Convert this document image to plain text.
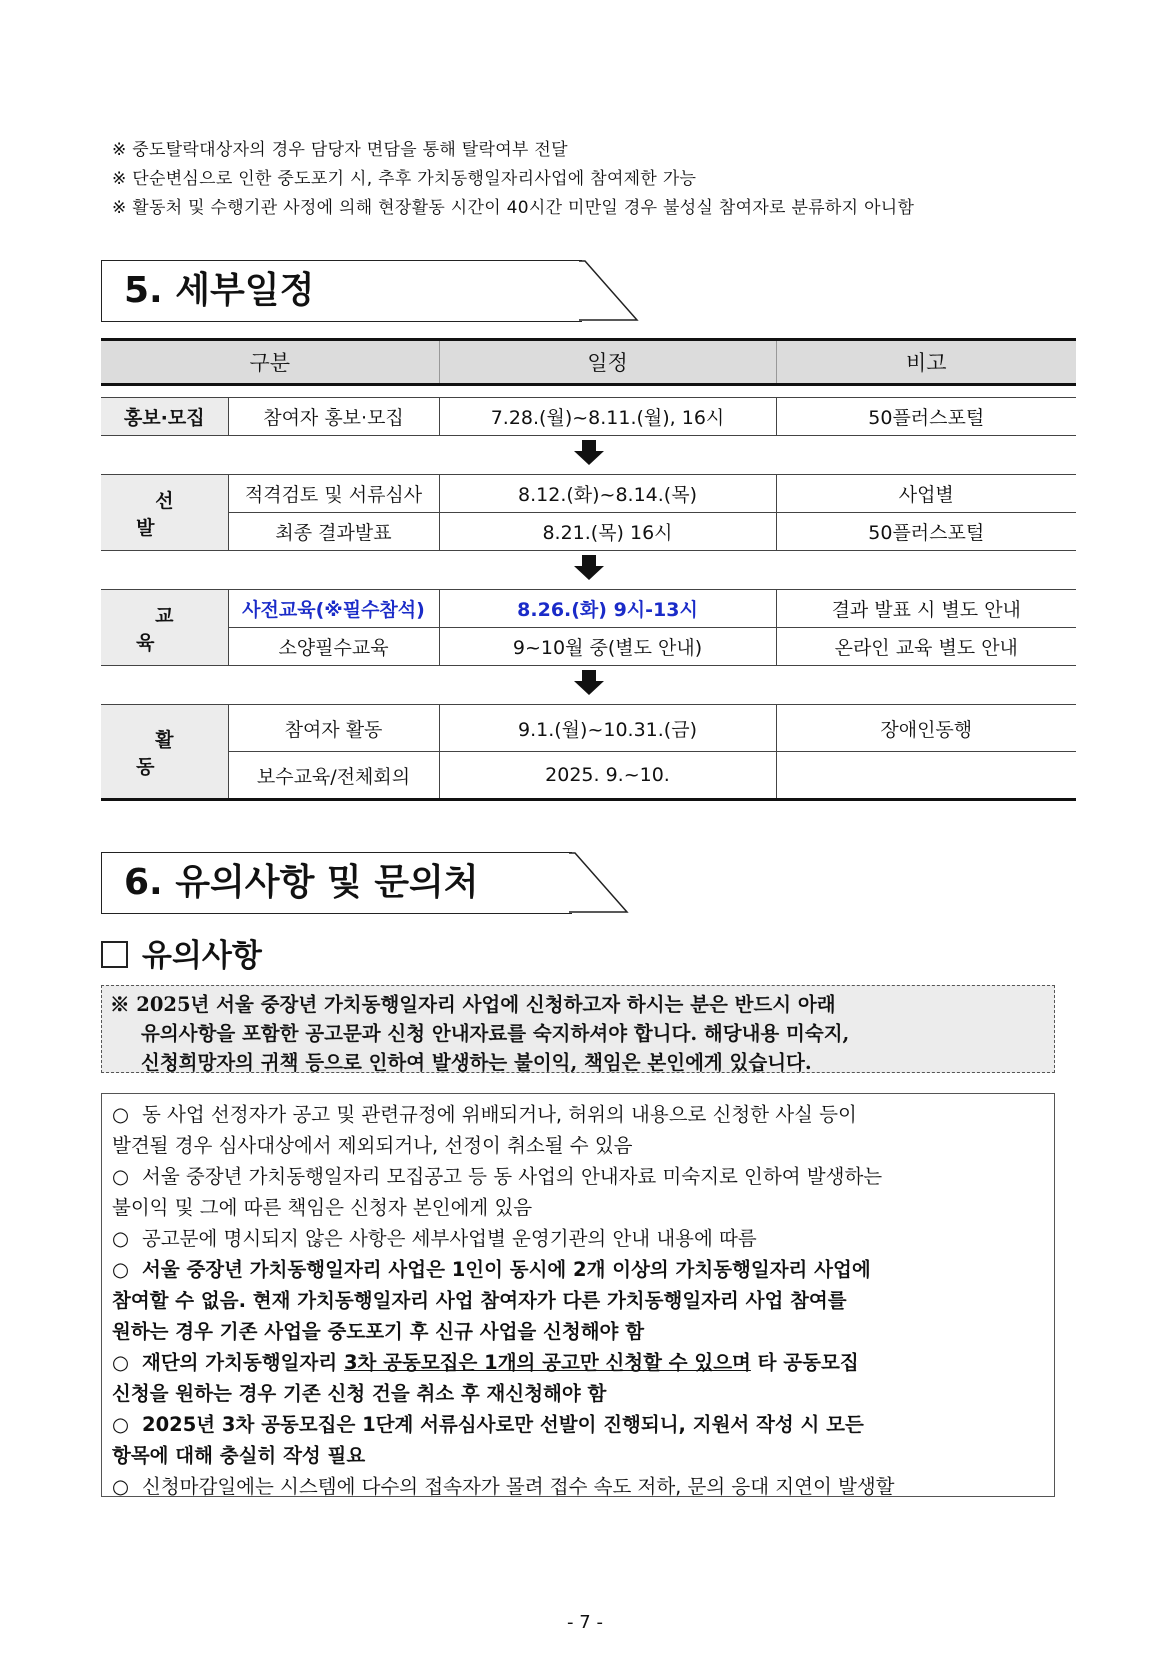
※ 중도탈락대상자의 경우 담당자 면담을 통해 탈락여부 전달
※ 단순변심으로 인한 중도포기 시, 추후 가치동행일자리사업에 참여제한 가능
※ 활동처 및 수행기관 사정에 의해 현장활동 시간이 40시간 미만일 경우 불성실 참여자로 분류하지 아니함
5. 세부일정
구분		일정	비고

홍보·모집	참여자 홍보·모집	7.28.(월)~8.11.(월), 16시	50플러스포털

선발	적격검토 및 서류심사	8.12.(화)~8.14.(목)	사업별
	최종 결과발표	8.21.(목) 16시	50플러스포털

교육	사전교육(※필수참석)	8.26.(화) 9시-13시	결과 발표 시 별도 안내
	소양필수교육	9~10월 중(별도 안내)	온라인 교육 별도 안내

활동	참여자 활동	9.1.(월)~10.31.(금)	장애인동행
	보수교육/전체회의	2025. 9.~10.	
6. 유의사항 및 문의처
유의사항
※ 2025년 서울 중장년 가치동행일자리 사업에 신청하고자 하시는 분은 반드시 아래
유의사항을 포함한 공고문과 신청 안내자료를 숙지하셔야 합니다. 해당내용 미숙지,
신청희망자의 귀책 등으로 인하여 발생하는 불이익, 책임은 본인에게 있습니다.
○ 동 사업 선정자가 공고 및 관련규정에 위배되거나, 허위의 내용으로 신청한 사실 등이
발견될 경우 심사대상에서 제외되거나, 선정이 취소될 수 있음
○ 서울 중장년 가치동행일자리 모집공고 등 동 사업의 안내자료 미숙지로 인하여 발생하는
불이익 및 그에 따른 책임은 신청자 본인에게 있음
○ 공고문에 명시되지 않은 사항은 세부사업별 운영기관의 안내 내용에 따름
○ 서울 중장년 가치동행일자리 사업은 1인이 동시에 2개 이상의 가치동행일자리 사업에
참여할 수 없음. 현재 가치동행일자리 사업 참여자가 다른 가치동행일자리 사업 참여를
원하는 경우 기존 사업을 중도포기 후 신규 사업을 신청해야 함
○ 재단의 가치동행일자리 3차 공동모집은 1개의 공고만 신청할 수 있으며 타 공동모집
신청을 원하는 경우 기존 신청 건을 취소 후 재신청해야 함
○ 2025년 3차 공동모집은 1단계 서류심사로만 선발이 진행되니, 지원서 작성 시 모든
항목에 대해 충실히 작성 필요
○ 신청마감일에는 시스템에 다수의 접속자가 몰려 접수 속도 저하, 문의 응대 지연이 발생할
- 7 -
